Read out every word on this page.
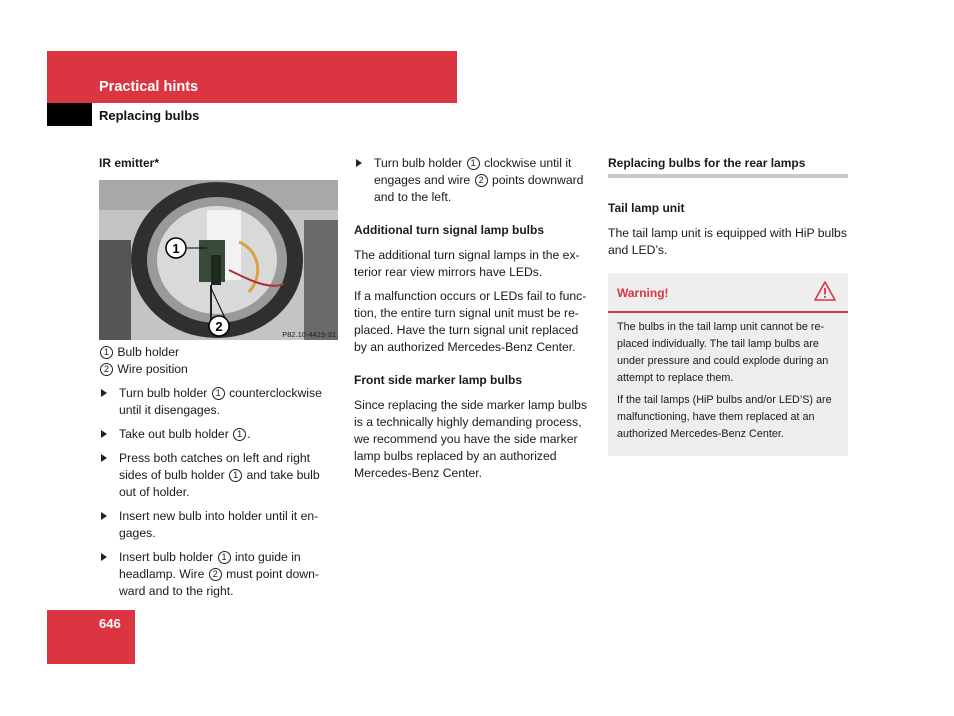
Practical hints
Replacing bulbs
IR emitter*
1
2
P82.10-4419-31
1 Bulb holder
2 Wire position
Turn bulb holder 1 counterclockwise until it disengages.
Take out bulb holder 1 .
Press both catches on left and right sides of bulb holder 1 and take bulb out of holder.
Insert new bulb into holder until it en-gages.
Insert bulb holder 1 into guide in headlamp. Wire 2 must point down-ward and to the right.
Turn bulb holder 1 clockwise until it engages and wire 2 points downward and to the left.
Additional turn signal lamp bulbs
The additional turn signal lamps in the ex-terior rear view mirrors have LEDs.
If a malfunction occurs or LEDs fail to func-tion, the entire turn signal unit must be re-placed. Have the turn signal unit replaced by an authorized Mercedes-Benz Center.
Front side marker lamp bulbs
Since replacing the side marker lamp bulbs is a technically highly demanding process, we recommend you have the side marker lamp bulbs replaced by an authorized Mercedes-Benz Center.
Replacing bulbs for the rear lamps
Tail lamp unit
The tail lamp unit is equipped with HiP bulbs and LED’s.
Warning!

The bulbs in the tail lamp unit cannot be re-placed individually. The tail lamp bulbs are under pressure and could explode during an attempt to replace them.

If the tail lamps (HiP bulbs and/or LED’S) are malfunctioning, have them replaced at an authorized Mercedes-Benz Center.

646
